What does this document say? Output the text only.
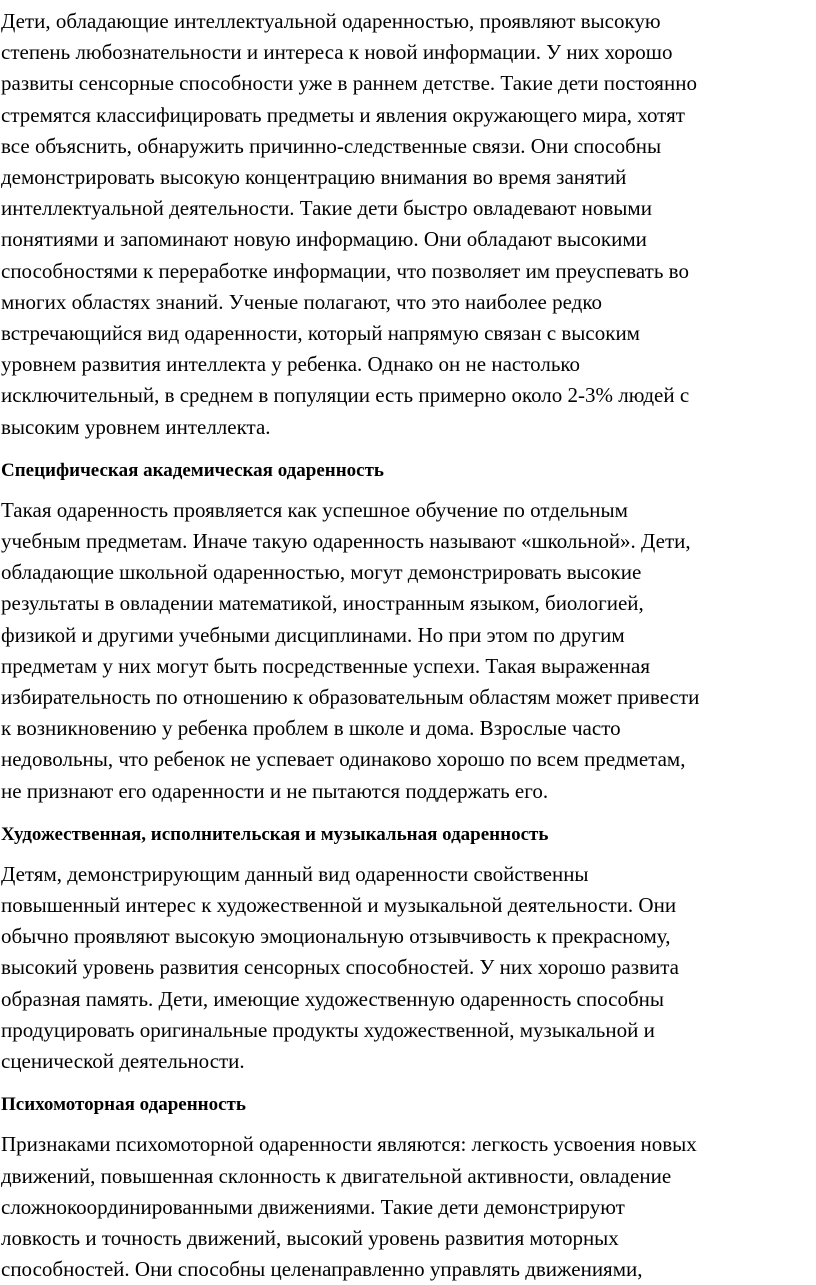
Дети, обладающие интеллектуальной одаренностью, проявляют высокую
степень любознательности и интереса к новой информации. У них хорошо
развиты сенсорные способности уже в раннем детстве. Такие дети постоянно
стремятся классифицировать предметы и явления окружающего мира, хотят
все объяснить, обнаружить причинно-следственные связи. Они способны
демонстрировать высокую концентрацию внимания во время занятий
интеллектуальной деятельности. Такие дети быстро овладевают новыми
понятиями и запоминают новую информацию. Они обладают высокими
способностями к переработке информации, что позволяет им преуспевать во
многих областях знаний. Ученые полагают, что это наиболее редко
встречающийся вид одаренности, который напрямую связан с высоким
уровнем развития интеллекта у ребенка. Однако он не настолько
исключительный, в среднем в популяции есть примерно около 2-3% людей с
высоким уровнем интеллекта.

Специфическая академическая одаренность

Такая одаренность проявляется как успешное обучение по отдельным
учебным предметам. Иначе такую одаренность называют «школьной». Дети,
обладающие школьной одаренностью, могут демонстрировать высокие
результаты в овладении математикой, иностранным языком, биологией,
физикой и другими учебными дисциплинами. Но при этом по другим
предметам у них могут быть посредственные успехи. Такая выраженная
избирательность по отношению к образовательным областям может привести
к возникновению у ребенка проблем в школе и дома. Взрослые часто
недовольны, что ребенок не успевает одинаково хорошо по всем предметам,
не признают его одаренности и не пытаются поддержать его.

Художественная, исполнительская и музыкальная одаренность

Детям, демонстрирующим данный вид одаренности свойственны
повышенный интерес к художественной и музыкальной деятельности. Они
обычно проявляют высокую эмоциональную отзывчивость к прекрасному,
высокий уровень развития сенсорных способностей. У них хорошо развита
образная память. Дети, имеющие художественную одаренность способны
продуцировать оригинальные продукты художественной, музыкальной и
сценической деятельности.

Психомоторная одаренность

Признаками психомоторной одаренности являются: легкость усвоения новых
движений, повышенная склонность к двигательной активности, овладение
сложнокоординированными движениями. Такие дети демонстрируют
ловкость и точность движений, высокий уровень развития моторных
способностей. Они способны целенаправленно управлять движениями,
